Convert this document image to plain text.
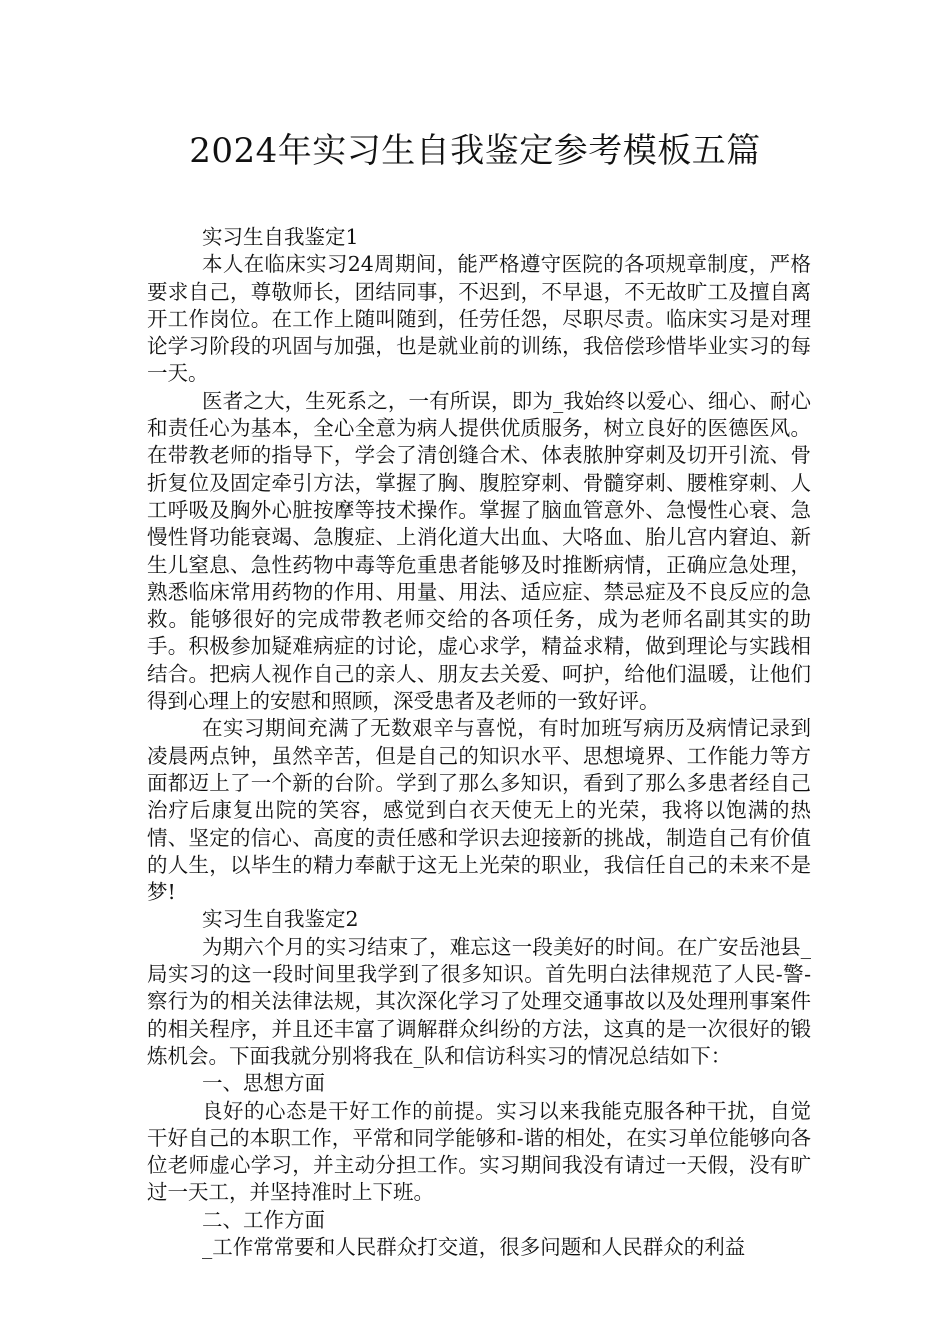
2024年实习生自我鉴定参考模板五篇

实习生自我鉴定1

本人在临床实习24周期间，能严格遵守医院的各项规章制度，严格要求自己，尊敬师长，团结同事，不迟到，不早退，不无故旷工及擅自离开工作岗位。在工作上随叫随到，任劳任怨，尽职尽责。临床实习是对理论学习阶段的巩固与加强，也是就业前的训练，我倍偿珍惜毕业实习的每一天。

医者之大，生死系之，一有所误，即为_我始终以爱心、细心、耐心和责任心为基本，全心全意为病人提供优质服务，树立良好的医德医风。在带教老师的指导下，学会了清创缝合术、体表脓肿穿刺及切开引流、骨折复位及固定牵引方法，掌握了胸、腹腔穿刺、骨髓穿刺、腰椎穿刺、人工呼吸及胸外心脏按摩等技术操作。掌握了脑血管意外、急慢性心衰、急慢性肾功能衰竭、急腹症、上消化道大出血、大咯血、胎儿宫内窘迫、新生儿窒息、急性药物中毒等危重患者能够及时推断病情，正确应急处理，熟悉临床常用药物的作用、用量、用法、适应症、禁忌症及不良反应的急救。能够很好的完成带教老师交给的各项任务，成为老师名副其实的助手。积极参加疑难病症的讨论，虚心求学，精益求精，做到理论与实践相结合。把病人视作自己的亲人、朋友去关爱、呵护，给他们温暖，让他们得到心理上的安慰和照顾，深受患者及老师的一致好评。

在实习期间充满了无数艰辛与喜悦，有时加班写病历及病情记录到凌晨两点钟，虽然辛苦，但是自己的知识水平、思想境界、工作能力等方面都迈上了一个新的台阶。学到了那么多知识，看到了那么多患者经自己治疗后康复出院的笑容，感觉到白衣天使无上的光荣，我将以饱满的热情、坚定的信心、高度的责任感和学识去迎接新的挑战，制造自己有价值的人生，以毕生的精力奉献于这无上光荣的职业，我信任自己的未来不是梦!

实习生自我鉴定2

为期六个月的实习结束了，难忘这一段美好的时间。在广安岳池县_局实习的这一段时间里我学到了很多知识。首先明白法律规范了人民-警-察行为的相关法律法规，其次深化学习了处理交通事故以及处理刑事案件的相关程序，并且还丰富了调解群众纠纷的方法，这真的是一次很好的锻炼机会。下面我就分别将我在_队和信访科实习的情况总结如下：

一、思想方面

良好的心态是干好工作的前提。实习以来我能克服各种干扰，自觉干好自己的本职工作，平常和同学能够和-谐的相处，在实习单位能够向各位老师虚心学习，并主动分担工作。实习期间我没有请过一天假，没有旷过一天工，并坚持准时上下班。

二、工作方面

_工作常常要和人民群众打交道，很多问题和人民群众的利益
